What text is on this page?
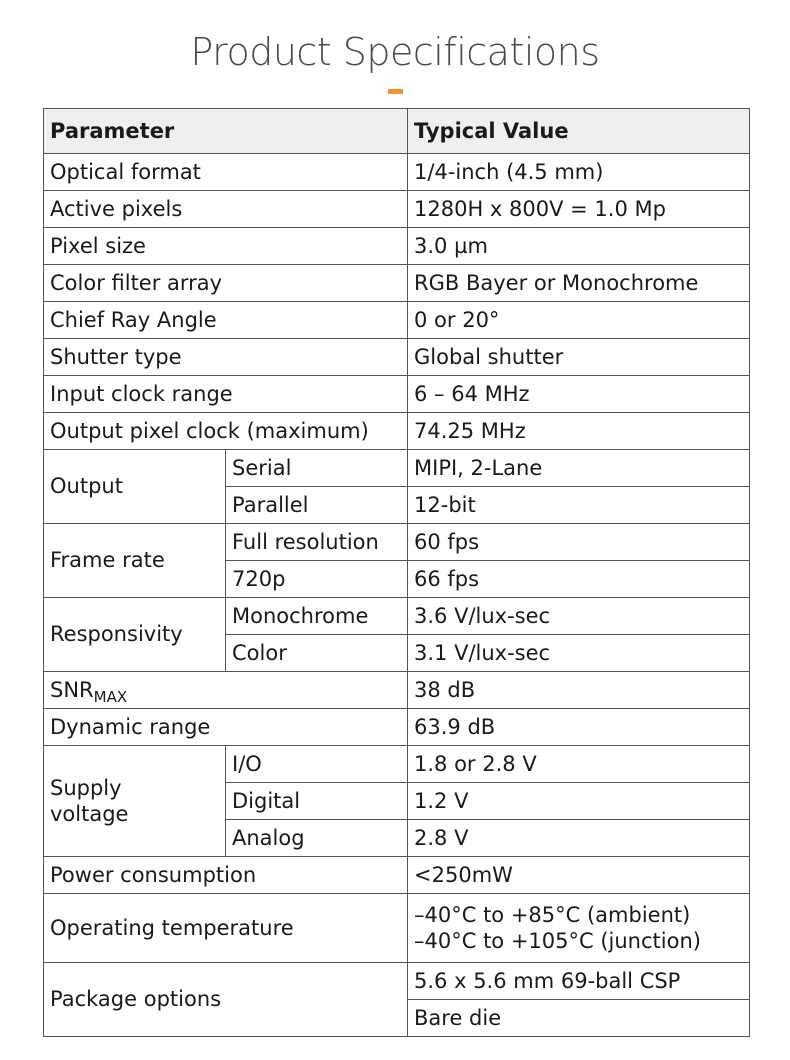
Product Specifications
Parameter		Typical Value
Optical format		1/4-inch (4.5 mm)
Active pixels		1280H x 800V = 1.0 Mp
Pixel size		3.0 µm
Color filter array		RGB Bayer or Monochrome
Chief Ray Angle		0 or 20°
Shutter type		Global shutter
Input clock range		6 – 64 MHz
Output pixel clock (maximum)		74.25 MHz
Output	Serial	MIPI, 2-Lane
	Parallel	12-bit
Frame rate	Full resolution	60 fps
	720p	66 fps
Responsivity	Monochrome	3.6 V/lux-sec
	Color	3.1 V/lux-sec
$SNR_{MAX}$		38 dB
Dynamic range		63.9 dB

Supply
voltage	I/O	1.8 or 2.8 V
	Digital	1.2 V
	Analog	2.8 V
Power consumption		<250mW
Operating temperature		–40°C to +85°C (ambient)
–40°C to +105°C (junction)

Package options		5.6 x 5.6 mm 69-ball CSP
		Bare die
